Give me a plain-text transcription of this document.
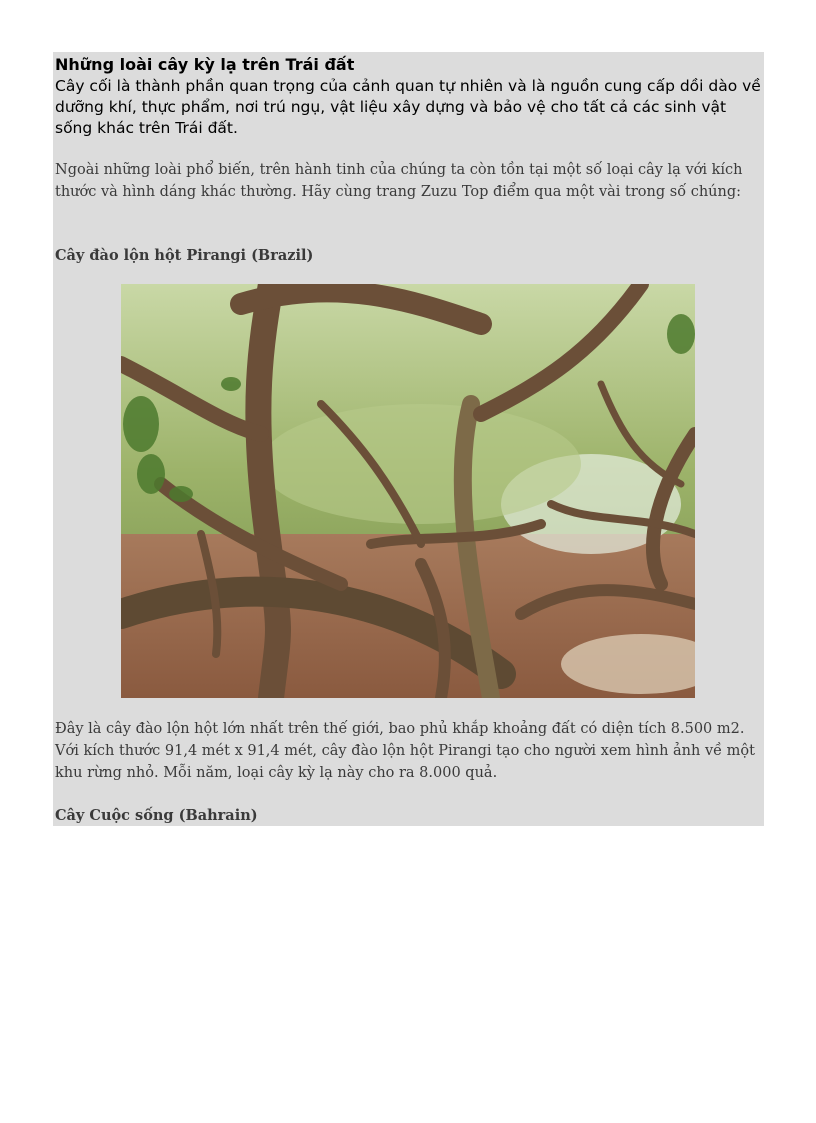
Những loài cây kỳ lạ trên Trái đất

Cây cối là thành phần quan trọng của cảnh quan tự nhiên và là nguồn cung cấp dồi dào về dưỡng khí, thực phẩm, nơi trú ngụ, vật liệu xây dựng và bảo vệ cho tất cả các sinh vật sống khác trên Trái đất.

Ngoài những loài phổ biến, trên hành tinh của chúng ta còn tồn tại một số loại cây lạ với kích thước và hình dáng khác thường. Hãy cùng trang Zuzu Top điểm qua một vài trong số chúng:

Cây đào lộn hột Pirangi (Brazil)

Đây là cây đào lộn hột lớn nhất trên thế giới, bao phủ khắp khoảng đất có diện tích 8.500 m2. Với kích thước 91,4 mét x 91,4 mét, cây đào lộn hột Pirangi tạo cho người xem hình ảnh về một khu rừng nhỏ. Mỗi năm, loại cây kỳ lạ này cho ra 8.000 quả.

Cây Cuộc sống (Bahrain)
